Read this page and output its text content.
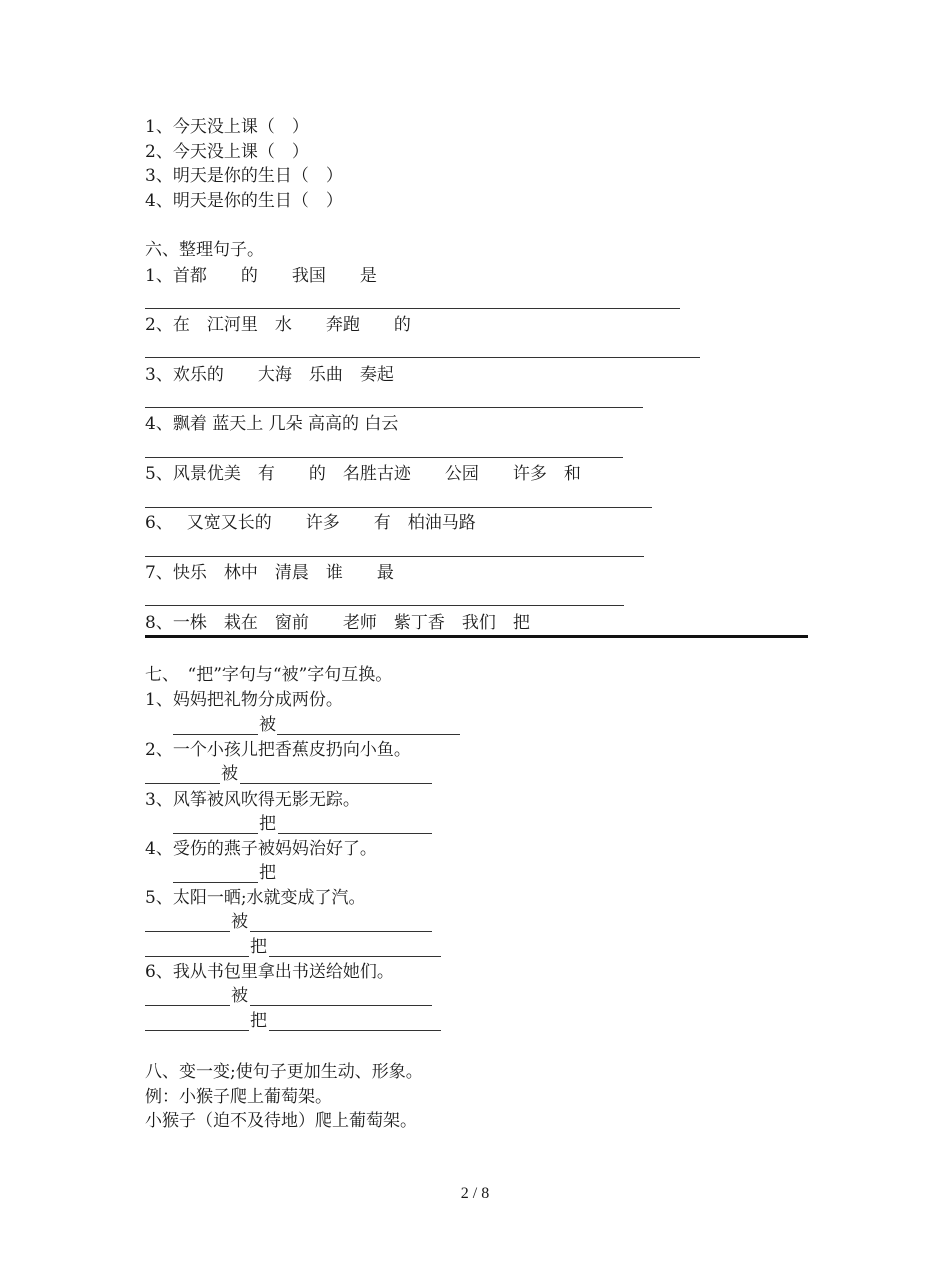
1、今天没上课（　）
2、今天没上课（　）
3、明天是你的生日（　）
4、明天是你的生日（　）
六、整理句子。
1、首都　　的　　我国　　是
2、在　江河里　水　　奔跑　　的
3、欢乐的　　大海　乐曲　奏起
4、飘着 蓝天上 几朵 高高的 白云
5、风景优美　有　　的　名胜古迹　　公园　　许多　和
6、　 又宽又长的　　许多　　有　柏油马路
7、快乐　林中　清晨　谁　　最
8、一株　栽在　窗前　　老师　紫丁香　我们　把
七、　“把”字句与“被”字句互换。
1、妈妈把礼物分成两份。
被
2、一个小孩儿把香蕉皮扔向小鱼。
被
3、风筝被风吹得无影无踪。
把
4、受伤的燕子被妈妈治好了。
把
5、太阳一晒;水就变成了汽。
被
把
6、我从书包里拿出书送给她们。
被
把
八、变一变;使句子更加生动、形象。
例：小猴子爬上葡萄架。
小猴子（迫不及待地）爬上葡萄架。
2 / 8
